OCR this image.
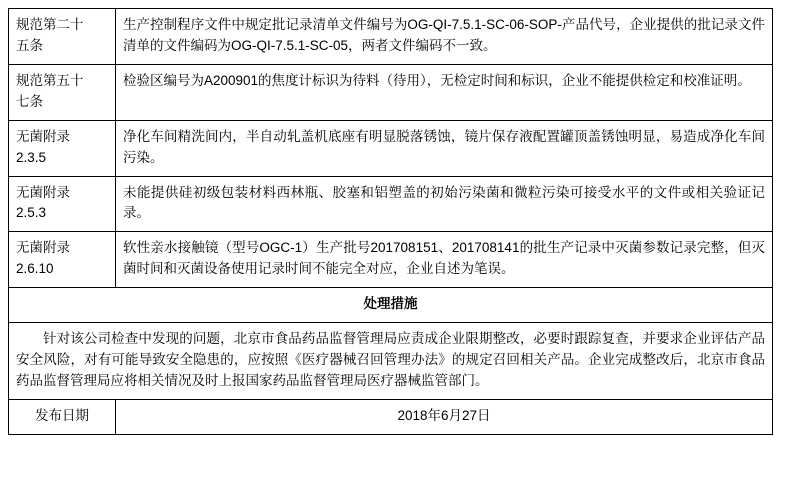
规范第二十
五条	生产控制程序文件中规定批记录清单文件编号为OG-QI-7.5.1-SC-06-SOP-产品代号，企业提供的批记录文件清单的文件编码为OG-QI-7.5.1-SC-05，两者文件编码不一致。

规范第五十
七条	检验区编号为A200901的焦度计标识为待料（待用），无检定时间和标识，企业不能提供检定和校准证明。

无菌附录
2.3.5	净化车间精洗间内，半自动轧盖机底座有明显脱落锈蚀，镜片保存液配置罐顶盖锈蚀明显，易造成净化车间污染。

无菌附录
2.5.3	未能提供硅初级包装材料西林瓶、胶塞和铝塑盖的初始污染菌和微粒污染可接受水平的文件或相关验证记录。

无菌附录
2.6.10	软性亲水接触镜（型号OGC-1）生产批号201708151、201708141的批生产记录中灭菌参数记录完整，但灭菌时间和灭菌设备使用记录时间不能完全对应，企业自述为笔误。
处理措施	

针对该公司检查中发现的问题，北京市食品药品监督管理局应责成企业限期整改，必要时跟踪复查，并要求企业评估产品安全风险，对有可能导致安全隐患的，应按照《医疗器械召回管理办法》的规定召回相关产品。企业完成整改后，北京市食品药品监督管理局应将相关情况及时上报国家药品监督管理局医疗器械监管部门。	

发布日期	2018年6月27日
